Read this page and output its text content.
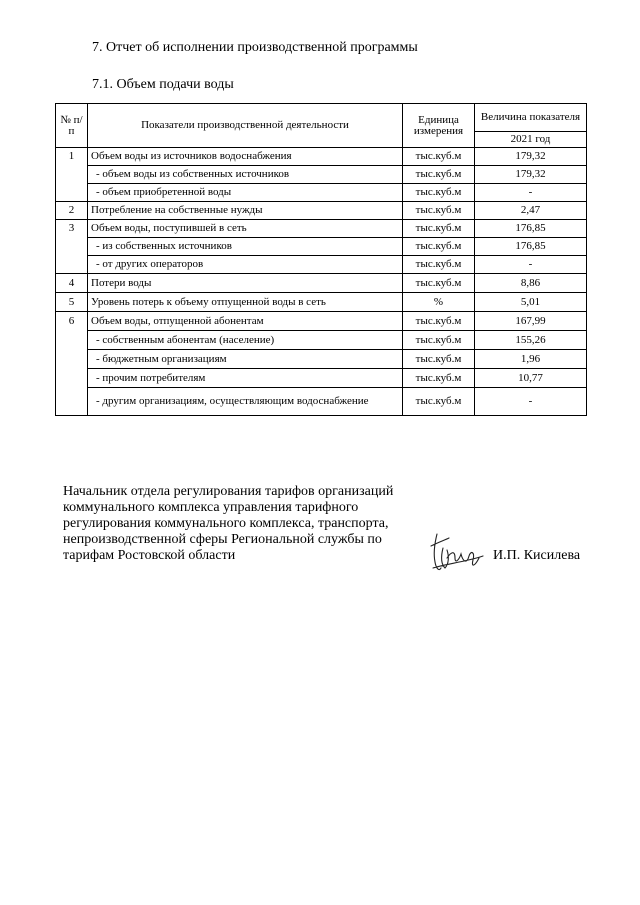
7. Отчет об исполнении производственной программы
7.1. Объем подачи воды
№ п/п	Показатели производственной деятельности	Единица измерения	Величина показателя
			2021 год
1	Объем воды из источников водоснабжения	тыс.куб.м	179,32
	- объем воды из собственных источников	тыс.куб.м	179,32
	- объем приобретенной воды	тыс.куб.м	-
2	Потребление на собственные нужды	тыс.куб.м	2,47
3	Объем воды, поступившей в сеть	тыс.куб.м	176,85
	- из собственных источников	тыс.куб.м	176,85
	- от других операторов	тыс.куб.м	-
4	Потери воды	тыс.куб.м	8,86
5	Уровень потерь к объему отпущенной воды в сеть	%	5,01
6	Объем воды, отпущенной абонентам	тыс.куб.м	167,99
	- собственным абонентам (население)	тыс.куб.м	155,26
	- бюджетным организациям	тыс.куб.м	1,96
	- прочим потребителям	тыс.куб.м	10,77
	- другим организациям, осуществляющим водоснабжение	тыс.куб.м	-
Начальник отдела регулирования тарифов организаций
коммунального комплекса управления тарифного
регулирования коммунального комплекса, транспорта,
непроизводственной сферы Региональной службы по
тарифам Ростовской области	И.П. Кисилева
